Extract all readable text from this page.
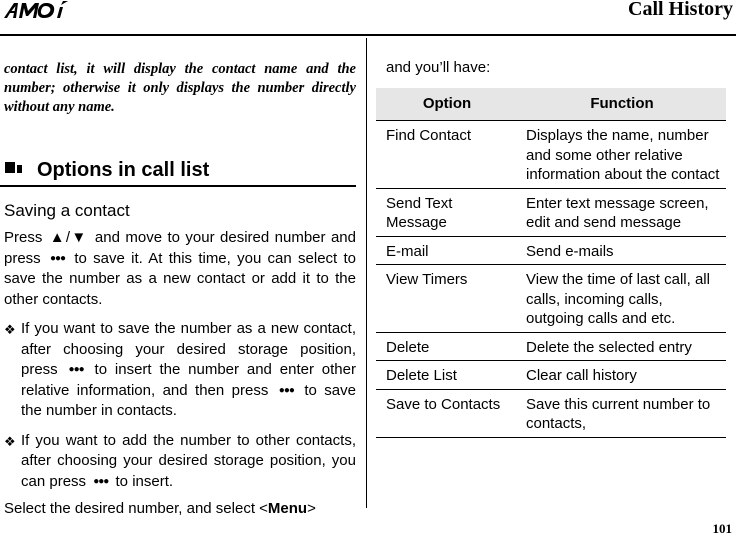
Call History

contact list, it will display the contact name and the number; otherwise it only displays the number directly without any name.

Options in call list
Saving a contact
Press ▲/▼ and move to your desired number and press ●●● to save it. At this time, you can select to save the number as a new contact or add it to the other contacts.
❖ If you want to save the number as a new contact, after choosing your desired storage position, press ●●● to insert the number and enter other relative information, and then press ●●● to save the number in contacts.
❖ If you want to add the number to other contacts, after choosing your desired storage position, you can press ●●● to insert.
Select the desired number, and select <Menu>
and you’ll have:
Option	Function
Find Contact	Displays the name, number and some other relative information about the contact
Send Text Message	Enter text message screen, edit and send message
E-mail	Send e-mails
View Timers	View the time of last call, all calls, incoming calls, outgoing calls and etc.
Delete	Delete the selected entry
Delete List	Clear call history
Save to Contacts	Save this current number to contacts,
101
